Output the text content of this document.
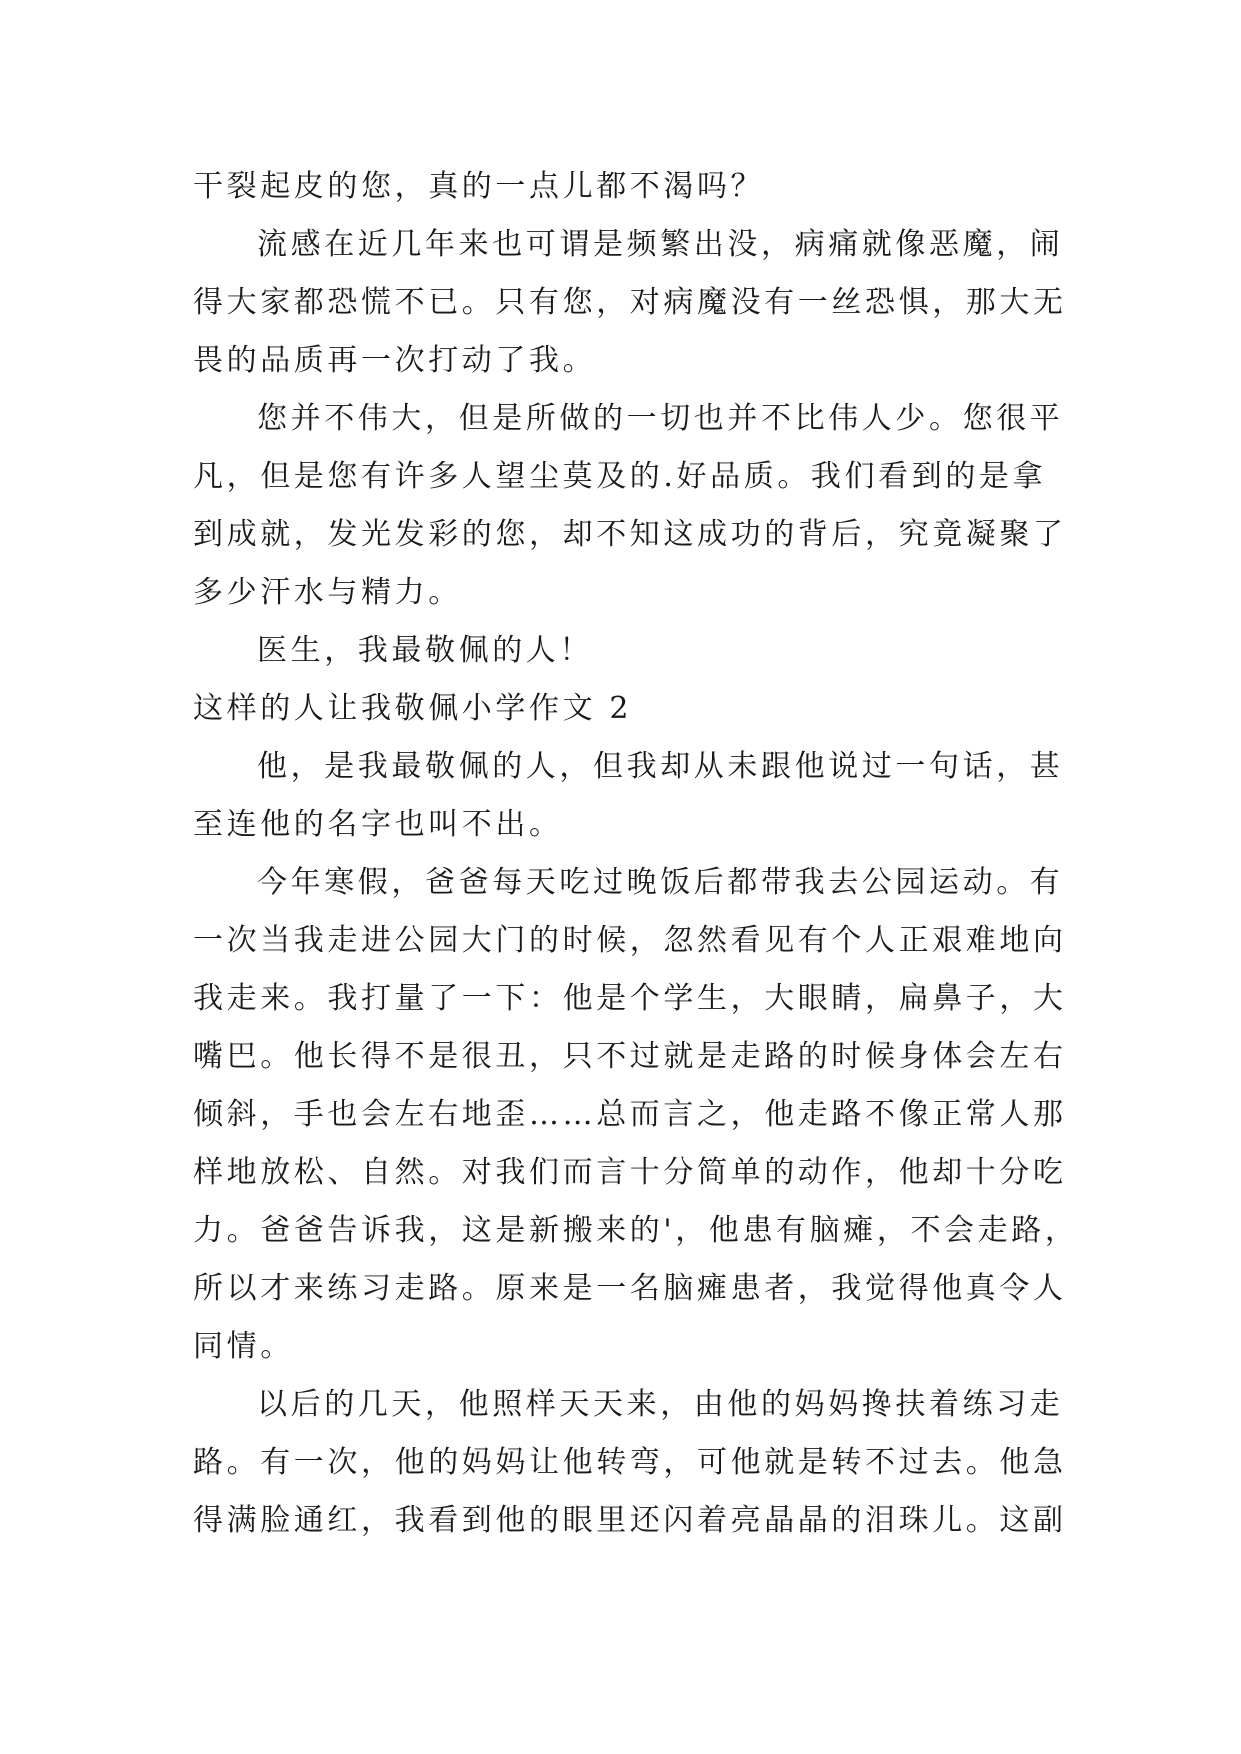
干裂起皮的您，真的一点儿都不渴吗？
流感在近几年来也可谓是频繁出没，病痛就像恶魔，闹
得大家都恐慌不已。只有您，对病魔没有一丝恐惧，那大无
畏的品质再一次打动了我。
您并不伟大，但是所做的一切也并不比伟人少。您很平
凡，但是您有许多人望尘莫及的.好品质。我们看到的是拿
到成就，发光发彩的您，却不知这成功的背后，究竟凝聚了
多少汗水与精力。
医生，我最敬佩的人！
这样的人让我敬佩小学作文 2
他，是我最敬佩的人，但我却从未跟他说过一句话，甚
至连他的名字也叫不出。
今年寒假，爸爸每天吃过晚饭后都带我去公园运动。有
一次当我走进公园大门的时候，忽然看见有个人正艰难地向
我走来。我打量了一下：他是个学生，大眼睛，扁鼻子，大
嘴巴。他长得不是很丑，只不过就是走路的时候身体会左右
倾斜，手也会左右地歪……总而言之，他走路不像正常人那
样地放松、自然。对我们而言十分简单的动作，他却十分吃
力。爸爸告诉我，这是新搬来的'，他患有脑瘫，不会走路，
所以才来练习走路。原来是一名脑瘫患者，我觉得他真令人
同情。
以后的几天，他照样天天来，由他的妈妈搀扶着练习走
路。有一次，他的妈妈让他转弯，可他就是转不过去。他急
得满脸通红，我看到他的眼里还闪着亮晶晶的泪珠儿。这副
